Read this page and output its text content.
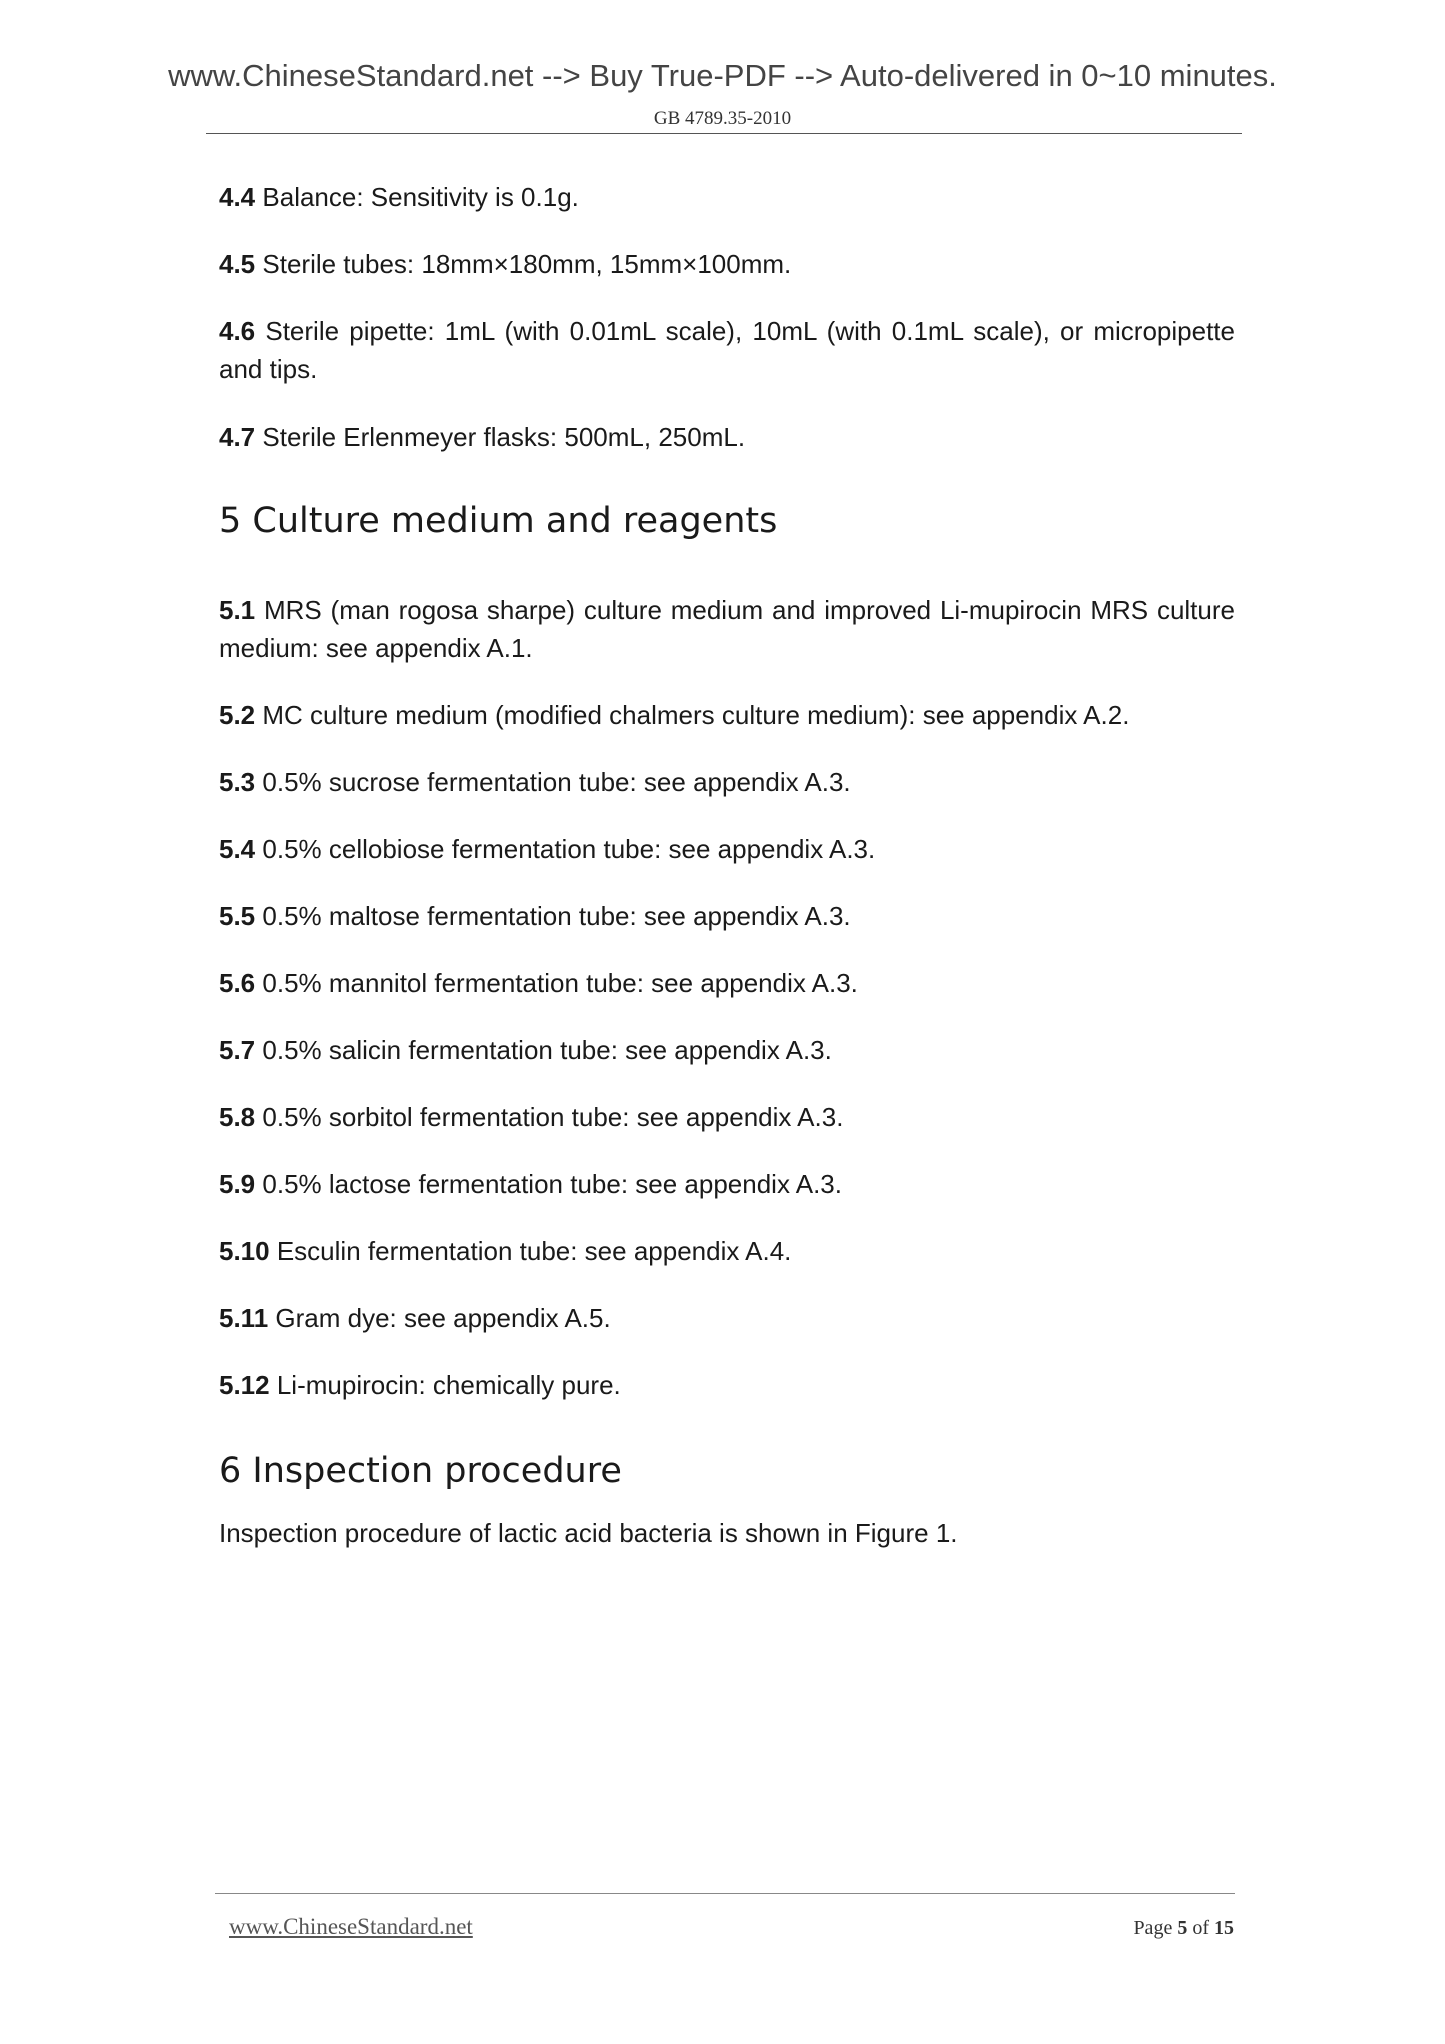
www.ChineseStandard.net --> Buy True-PDF --> Auto-delivered in 0~10 minutes.
GB 4789.35-2010
4.4 Balance: Sensitivity is 0.1g.
4.5 Sterile tubes: 18mm×180mm, 15mm×100mm.
4.6 Sterile pipette: 1mL (with 0.01mL scale), 10mL (with 0.1mL scale), or micropipette and tips.
4.7 Sterile Erlenmeyer flasks: 500mL, 250mL.
5 Culture medium and reagents
5.1 MRS (man rogosa sharpe) culture medium and improved Li-mupirocin MRS culture medium: see appendix A.1.
5.2 MC culture medium (modified chalmers culture medium): see appendix A.2.
5.3 0.5% sucrose fermentation tube: see appendix A.3.
5.4 0.5% cellobiose fermentation tube: see appendix A.3.
5.5 0.5% maltose fermentation tube: see appendix A.3.
5.6 0.5% mannitol fermentation tube: see appendix A.3.
5.7 0.5% salicin fermentation tube: see appendix A.3.
5.8 0.5% sorbitol fermentation tube: see appendix A.3.
5.9 0.5% lactose fermentation tube: see appendix A.3.
5.10 Esculin fermentation tube: see appendix A.4.
5.11 Gram dye: see appendix A.5.
5.12 Li-mupirocin: chemically pure.
6 Inspection procedure
Inspection procedure of lactic acid bacteria is shown in Figure 1.
www.ChineseStandard.net	Page 5 of 15
